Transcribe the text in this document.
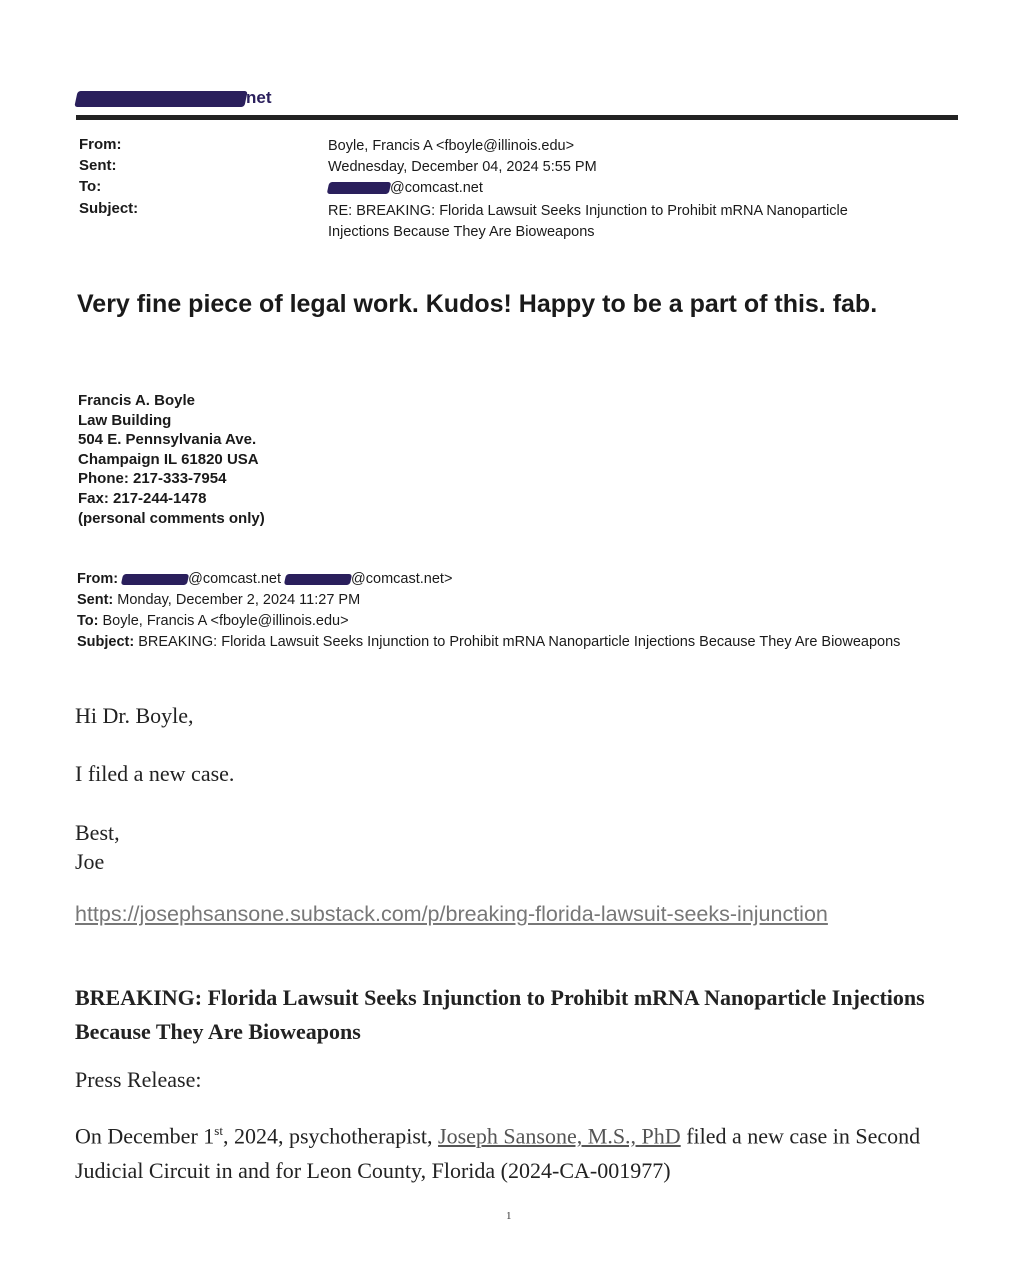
net
From:
Sent:
To:
Subject:
Boyle, Francis A <fboyle@illinois.edu>
Wednesday, December 04, 2024 5:55 PM
@comcast.net
RE: BREAKING: Florida Lawsuit Seeks Injunction to Prohibit mRNA Nanoparticle
Injections Because They Are Bioweapons
Very fine piece of legal work. Kudos! Happy to be a part of this. fab.
Francis A. Boyle
Law Building
504 E. Pennsylvania Ave.
Champaign IL 61820 USA
Phone: 217-333-7954
Fax: 217-244-1478
(personal comments only)
From:	@comcast.net	@comcast.net>
Sent: Monday, December 2, 2024 11:27 PM
To: Boyle, Francis A <fboyle@illinois.edu>
Subject: BREAKING: Florida Lawsuit Seeks Injunction to Prohibit mRNA Nanoparticle Injections Because They Are Bioweapons
Hi Dr. Boyle,
I filed a new case.
Best,
Joe
https://josephsansone.substack.com/p/breaking-florida-lawsuit-seeks-injunction
BREAKING: Florida Lawsuit Seeks Injunction to Prohibit mRNA Nanoparticle Injections Because They Are Bioweapons
Press Release:
On December 1st, 2024, psychotherapist, Joseph Sansone, M.S., PhD filed a new case in Second Judicial Circuit in and for Leon County, Florida (2024-CA-001977)
1
